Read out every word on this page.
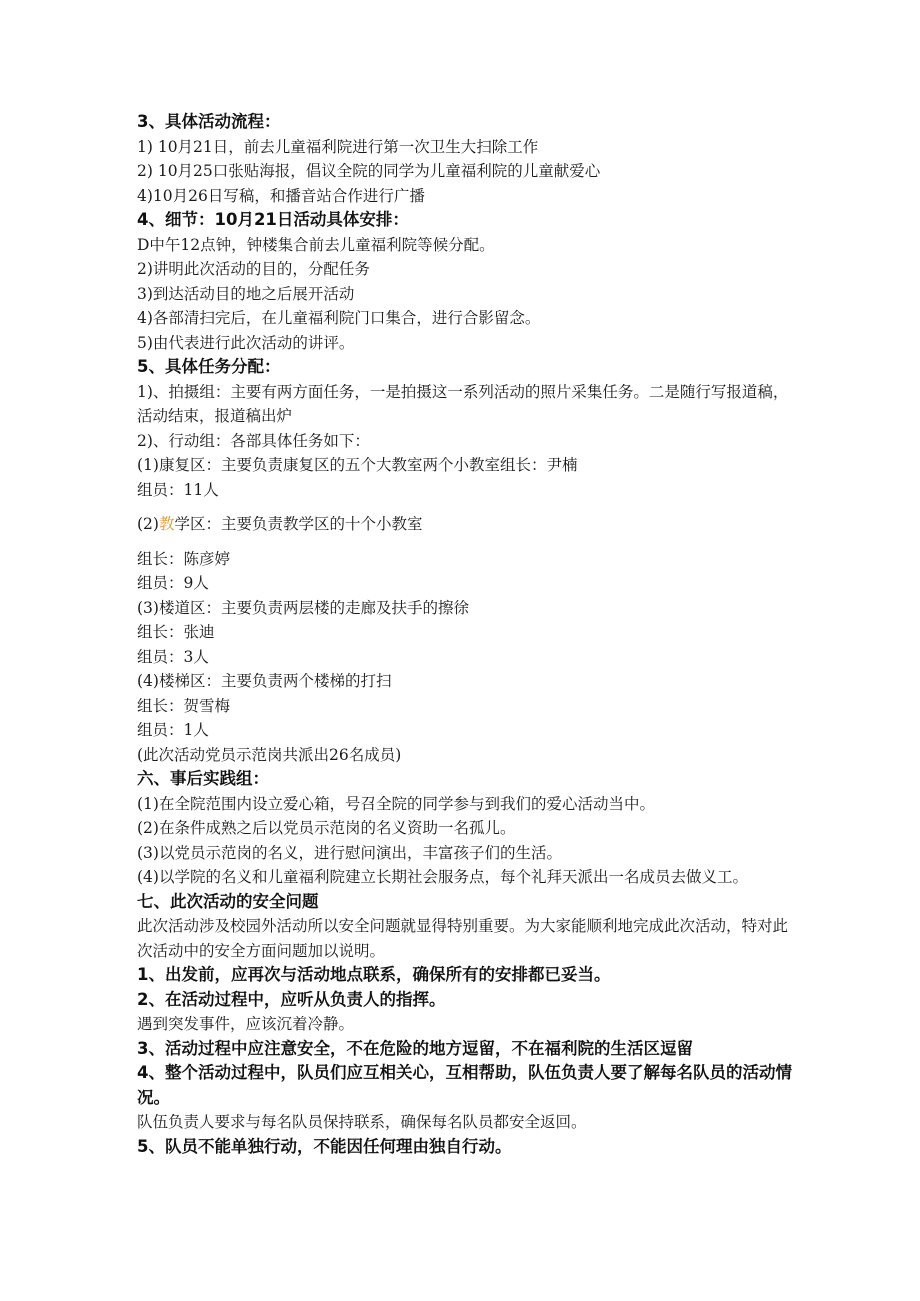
3、具体活动流程：
1) 10月21日，前去儿童福利院进行第一次卫生大扫除工作
2) 10月25口张贴海报，倡议全院的同学为儿童福利院的儿童献爱心
4)10月26日写稿，和播音站合作进行广播
4、细节：10月21日活动具体安排：
D中午12点钟，钟楼集合前去儿童福利院等候分配。
2)讲明此次活动的目的，分配任务
3)到达活动目的地之后展开活动
4)各部清扫完后，在儿童福利院门口集合，进行合影留念。
5)由代表进行此次活动的讲评。
5、具体任务分配：
1)、拍摄组：主要有两方面任务，一是拍摄这一系列活动的照片采集任务。二是随行写报道稿，活动结束，报道稿出炉
2)、行动组：各部具体任务如下：
(1)康复区：主要负责康复区的五个大教室两个小教室组长：尹楠
组员：11人
(2)教学区：主要负责教学区的十个小教室
组长：陈彦婷
组员：9人
(3)楼道区：主要负责两层楼的走廊及扶手的擦徐
组长：张迪
组员：3人
(4)楼梯区：主要负责两个楼梯的打扫
组长：贺雪梅
组员：1人
(此次活动党员示范岗共派出26名成员)
六、事后实践组：
(1)在全院范围内设立爱心箱，号召全院的同学参与到我们的爱心活动当中。
(2)在条件成熟之后以党员示范岗的名义资助一名孤儿。
(3)以党员示范岗的名义，进行慰问演出，丰富孩子们的生活。
(4)以学院的名义和儿童福利院建立长期社会服务点，每个礼拜天派出一名成员去做义工。
七、此次活动的安全问题
此次活动涉及校园外活动所以安全问题就显得特别重要。为大家能顺利地完成此次活动，特对此次活动中的安全方面问题加以说明。
1、出发前，应再次与活动地点联系，确保所有的安排都已妥当。
2、在活动过程中，应听从负责人的指挥。
遇到突发事件，应该沉着冷静。
3、活动过程中应注意安全，不在危险的地方逗留，不在福利院的生活区逗留
4、整个活动过程中，队员们应互相关心，互相帮助，队伍负责人要了解每名队员的活动情况。
队伍负责人要求与每名队员保持联系，确保每名队员都安全返回。
5、队员不能单独行动，不能因任何理由独自行动。
